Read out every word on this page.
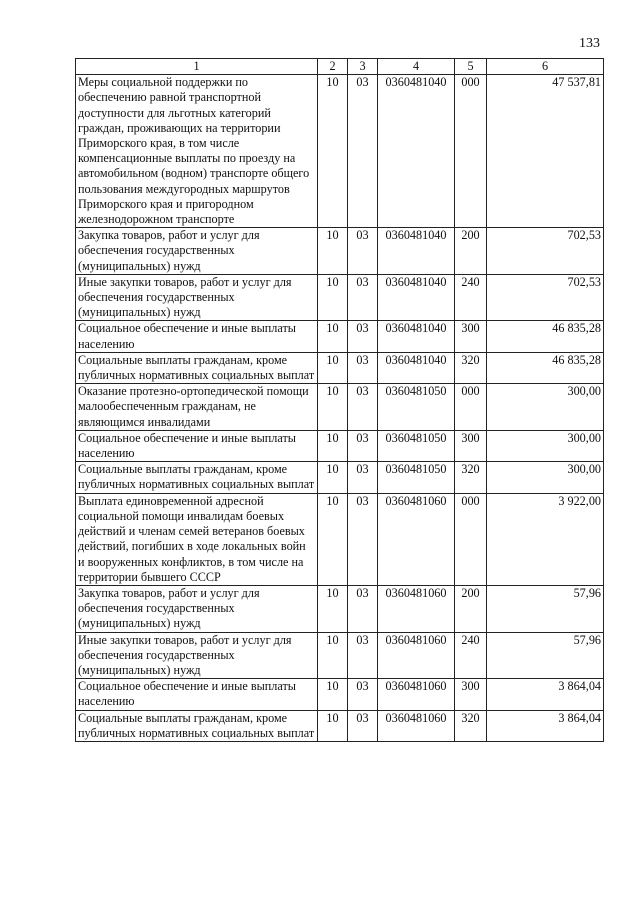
133
1	2	3	4	5	6
Меры социальной поддержки по обеспечению равной транспортной доступности для льготных категорий граждан, проживающих на территории Приморского края, в том числе компенсационные выплаты по проезду на автомобильном (водном) транспорте общего пользования междугородных маршрутов Приморского края и пригородном железнодорожном транспорте	10	03	0360481040	000	47 537,81
Закупка товаров, работ и услуг для обеспечения государственных (муниципальных) нужд	10	03	0360481040	200	702,53
Иные закупки товаров, работ и услуг для обеспечения государственных (муниципальных) нужд	10	03	0360481040	240	702,53
Социальное обеспечение и иные выплаты населению	10	03	0360481040	300	46 835,28
Социальные выплаты гражданам, кроме публичных нормативных социальных выплат	10	03	0360481040	320	46 835,28
Оказание протезно-ортопедической помощи малообеспеченным гражданам, не являющимся инвалидами	10	03	0360481050	000	300,00
Социальное обеспечение и иные выплаты населению	10	03	0360481050	300	300,00
Социальные выплаты гражданам, кроме публичных нормативных социальных выплат	10	03	0360481050	320	300,00
Выплата единовременной адресной социальной помощи инвалидам боевых действий и членам семей ветеранов боевых действий, погибших в ходе локальных войн и вооруженных конфликтов, в том числе на территории бывшего СССР	10	03	0360481060	000	3 922,00
Закупка товаров, работ и услуг для обеспечения государственных (муниципальных) нужд	10	03	0360481060	200	57,96
Иные закупки товаров, работ и услуг для обеспечения государственных (муниципальных) нужд	10	03	0360481060	240	57,96
Социальное обеспечение и иные выплаты населению	10	03	0360481060	300	3 864,04
Социальные выплаты гражданам, кроме публичных нормативных социальных выплат	10	03	0360481060	320	3 864,04
